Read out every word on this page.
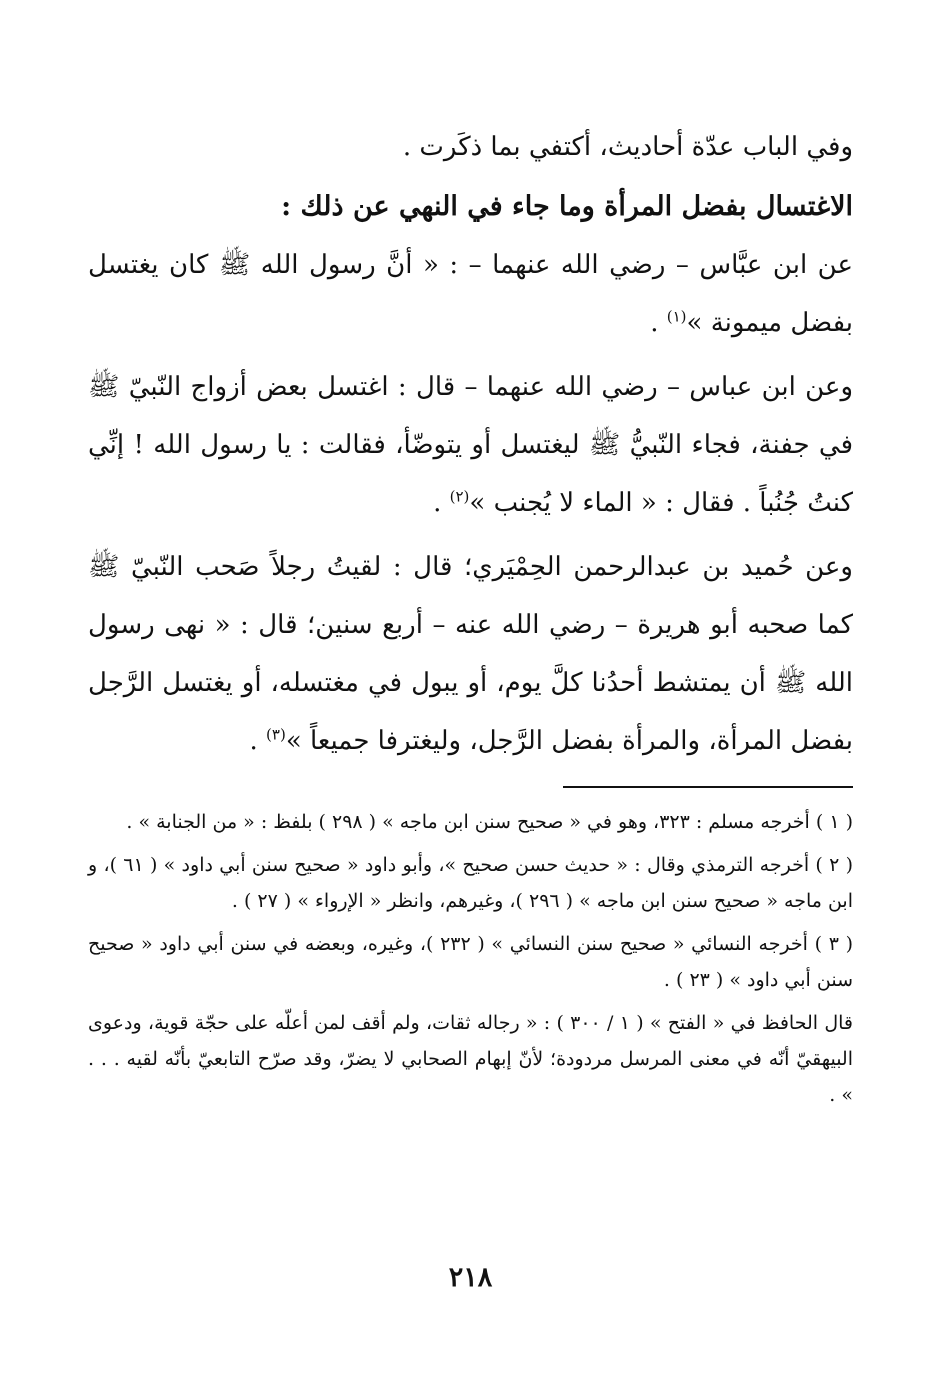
وفي الباب عدّة أحاديث، أكتفي بما ذكَرت .

الاغتسال بفضل المرأة وما جاء في النهي عن ذلك :

عن ابن عبَّاس – رضي الله عنهما – : « أنَّ رسول الله ﷺ كان يغتسل بفضل ميمونة »$^{(١)}$ .

وعن ابن عباس – رضي الله عنهما – قال : اغتسل بعض أزواج النّبيّ ﷺ في جفنة، فجاء النّبيُّ ﷺ ليغتسل أو يتوضّأ، فقالت : يا رسول الله ! إنِّي كنتُ جُنُباً . فقال : « الماء لا يُجنب »$^{(٢)}$ .

وعن حُميد بن عبدالرحمن الحِمْيَري؛ قال : لقيتُ رجلاً صَحب النّبيّ ﷺ كما صحبه أبو هريرة – رضي الله عنه – أربع سنين؛ قال : « نهى رسول الله ﷺ أن يمتشط أحدُنا كلَّ يوم، أو يبول في مغتسله، أو يغتسل الرَّجل بفضل المرأة، والمرأة بفضل الرَّجل، وليغترفا جميعاً »$^{(٣)}$ .

( ١ ) أخرجه مسلم : ٣٢٣، وهو في « صحيح سنن ابن ماجه » ( ٢٩٨ ) بلفظ : « من الجنابة » .

( ٢ ) أخرجه الترمذي وقال : « حديث حسن صحيح »، وأبو داود « صحيح سنن أبي داود » ( ٦١ )، و ابن ماجه « صحيح سنن ابن ماجه » ( ٢٩٦ )، وغيرهم، وانظر « الإرواء » ( ٢٧ ) .

( ٣ ) أخرجه النسائي « صحيح سنن النسائي » ( ٢٣٢ )، وغيره، وبعضه في سنن أبي داود « صحيح سنن أبي داود » ( ٢٣ ) .

قال الحافظ في « الفتح » ( ١ / ٣٠٠ ) : « رجاله ثقات، ولم أقف لمن أعلّه على حجّة قوية، ودعوى البيهقيّ أنّه في معنى المرسل مردودة؛ لأنّ إبهام الصحابي لا يضرّ، وقد صرّح التابعيّ بأنّه لقيه . . . » .

٢١٨
